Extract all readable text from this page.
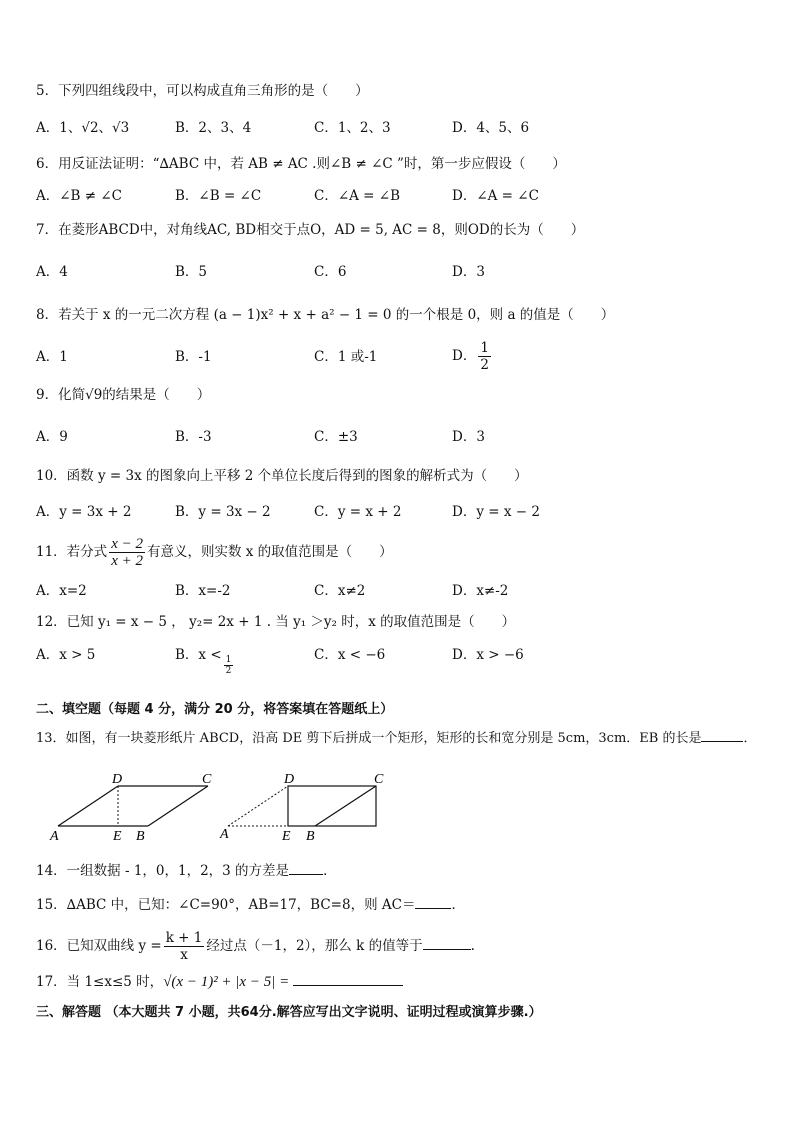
5．下列四组线段中，可以构成直角三角形的是（　　）
A．1、√2、√3	B．2、3、4	C．1、2、3	D．4、5、6
6．用反证法证明：“∆ABC 中，若 AB ≠ AC .则∠B ≠ ∠C ”时，第一步应假设（　　）
A．∠B ≠ ∠C	B．∠B = ∠C	C．∠A = ∠B	D．∠A = ∠C
7．在菱形ABCD中，对角线AC, BD相交于点O，AD = 5, AC = 8，则OD的长为（　　）
A．4	B．5	C．6	D．3
8．若关于 x 的一元二次方程 (a − 1)x² + x + a² − 1 = 0 的一个根是 0，则 a 的值是（　　）
A．1	B．-1	C．1 或-1	D． $\frac{1}{2}$
9．化简√9的结果是（　　）
A．9	B．-3	C．±3	D．3
10．函数 y = 3x 的图象向上平移 2 个单位长度后得到的图象的解析式为（　　）
A．y = 3x + 2	B．y = 3x − 2	C．y = x + 2	D．y = x − 2
11．若分式 $\frac{x - 2}{x + 2}$ 有意义，则实数 x 的取值范围是（　　）
A．x=2	B．x=-2	C．x≠2	D．x≠-2
12．已知 y₁ = x − 5 ， y₂= 2x + 1 . 当 y₁ ＞y₂ 时，x 的取值范围是（　　）
A．x > 5	B．$x < \frac{1}{2}$	C．x < −6	D．x > −6
二、填空题（每题 4 分，满分 20 分，将答案填在答题纸上）
13．如图，有一块菱形纸片 ABCD，沿高 DE 剪下后拼成一个矩形，矩形的长和宽分别是 5cm，3cm．EB 的长是	．
A	E B
D	C
A	E B
D	C
14．一组数据 - 1，0，1，2，3 的方差是	．
15．∆ABC 中，已知：∠C=90°，AB=17，BC=8，则 AC＝	．
16．已知双曲线 $y = \frac{k + 1}{x}$ 经过点（－1，2），那么 k 的值等于	.
17．当 1≤x≤5 时，√(x − 1)² + |x − 5| =
三、解答题 （本大题共 7 小题，共64分.解答应写出文字说明、证明过程或演算步骤.）
